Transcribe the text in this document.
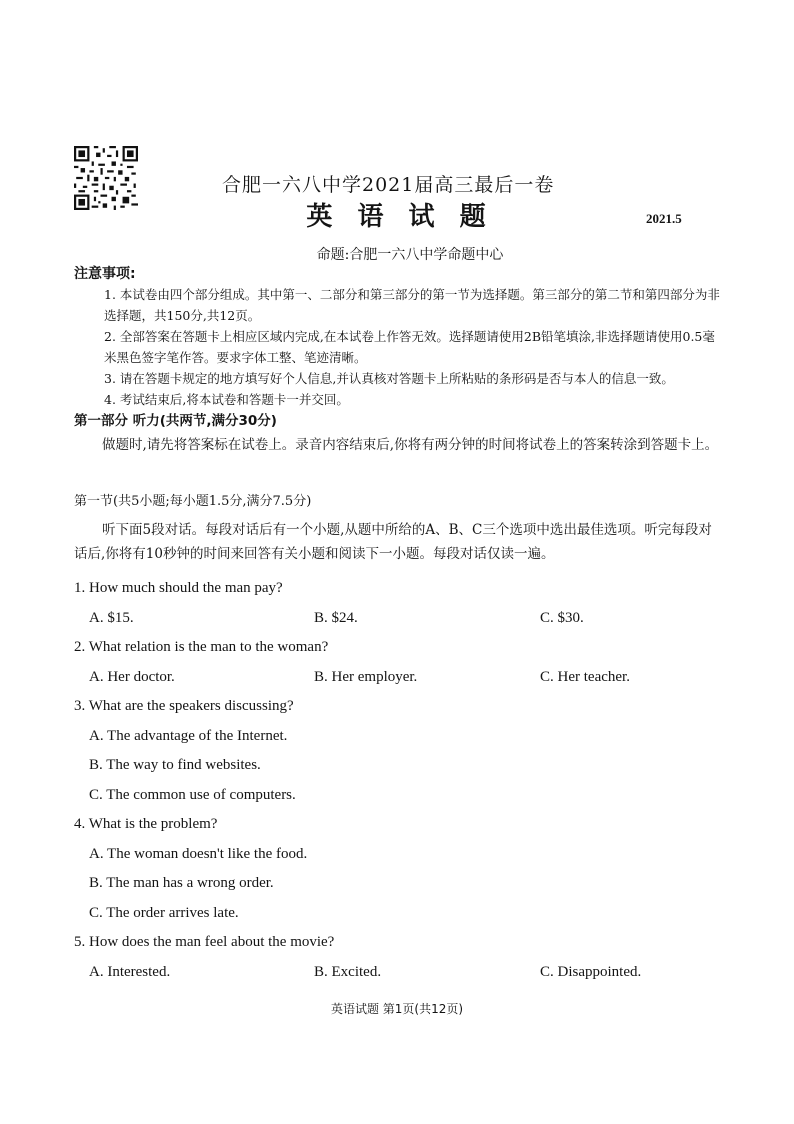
合肥一六八中学2021届高三最后一卷
英 语 试 题	2021.5
命题:合肥一六八中学命题中心
注意事项:

1. 本试卷由四个部分组成。其中第一、二部分和第三部分的第一节为选择题。第三部分的第二节和第四部分为非选择题，共150分,共12页。

2. 全部答案在答题卡上相应区域内完成,在本试卷上作答无效。选择题请使用2B铅笔填涂,非选择题请使用0.5毫米黑色签字笔作答。要求字体工整、笔迹清晰。

3. 请在答题卡规定的地方填写好个人信息,并认真核对答题卡上所粘贴的条形码是否与本人的信息一致。

4. 考试结束后,将本试卷和答题卡一并交回。

第一部分 听力(共两节,满分30分)
做题时,请先将答案标在试卷上。录音内容结束后,你将有两分钟的时间将试卷上的答案转涂到答题卡上。
第一节(共5小题;每小题1.5分,满分7.5分)
听下面5段对话。每段对话后有一个小题,从题中所给的A、B、C三个选项中选出最佳选项。听完每段对话后,你将有10秒钟的时间来回答有关小题和阅读下一小题。每段对话仅读一遍。
1. How much should the man pay?
A. $15.	B. $24.	C. $30.
2. What relation is the man to the woman?
A. Her doctor.	B. Her employer.	C. Her teacher.
3. What are the speakers discussing?
A. The advantage of the Internet.
B. The way to find websites.
C. The common use of computers.
4. What is the problem?
A. The woman doesn't like the food.
B. The man has a wrong order.
C. The order arrives late.
5. How does the man feel about the movie?
A. Interested.	B. Excited.	C. Disappointed.
英语试题 第1页(共12页)
